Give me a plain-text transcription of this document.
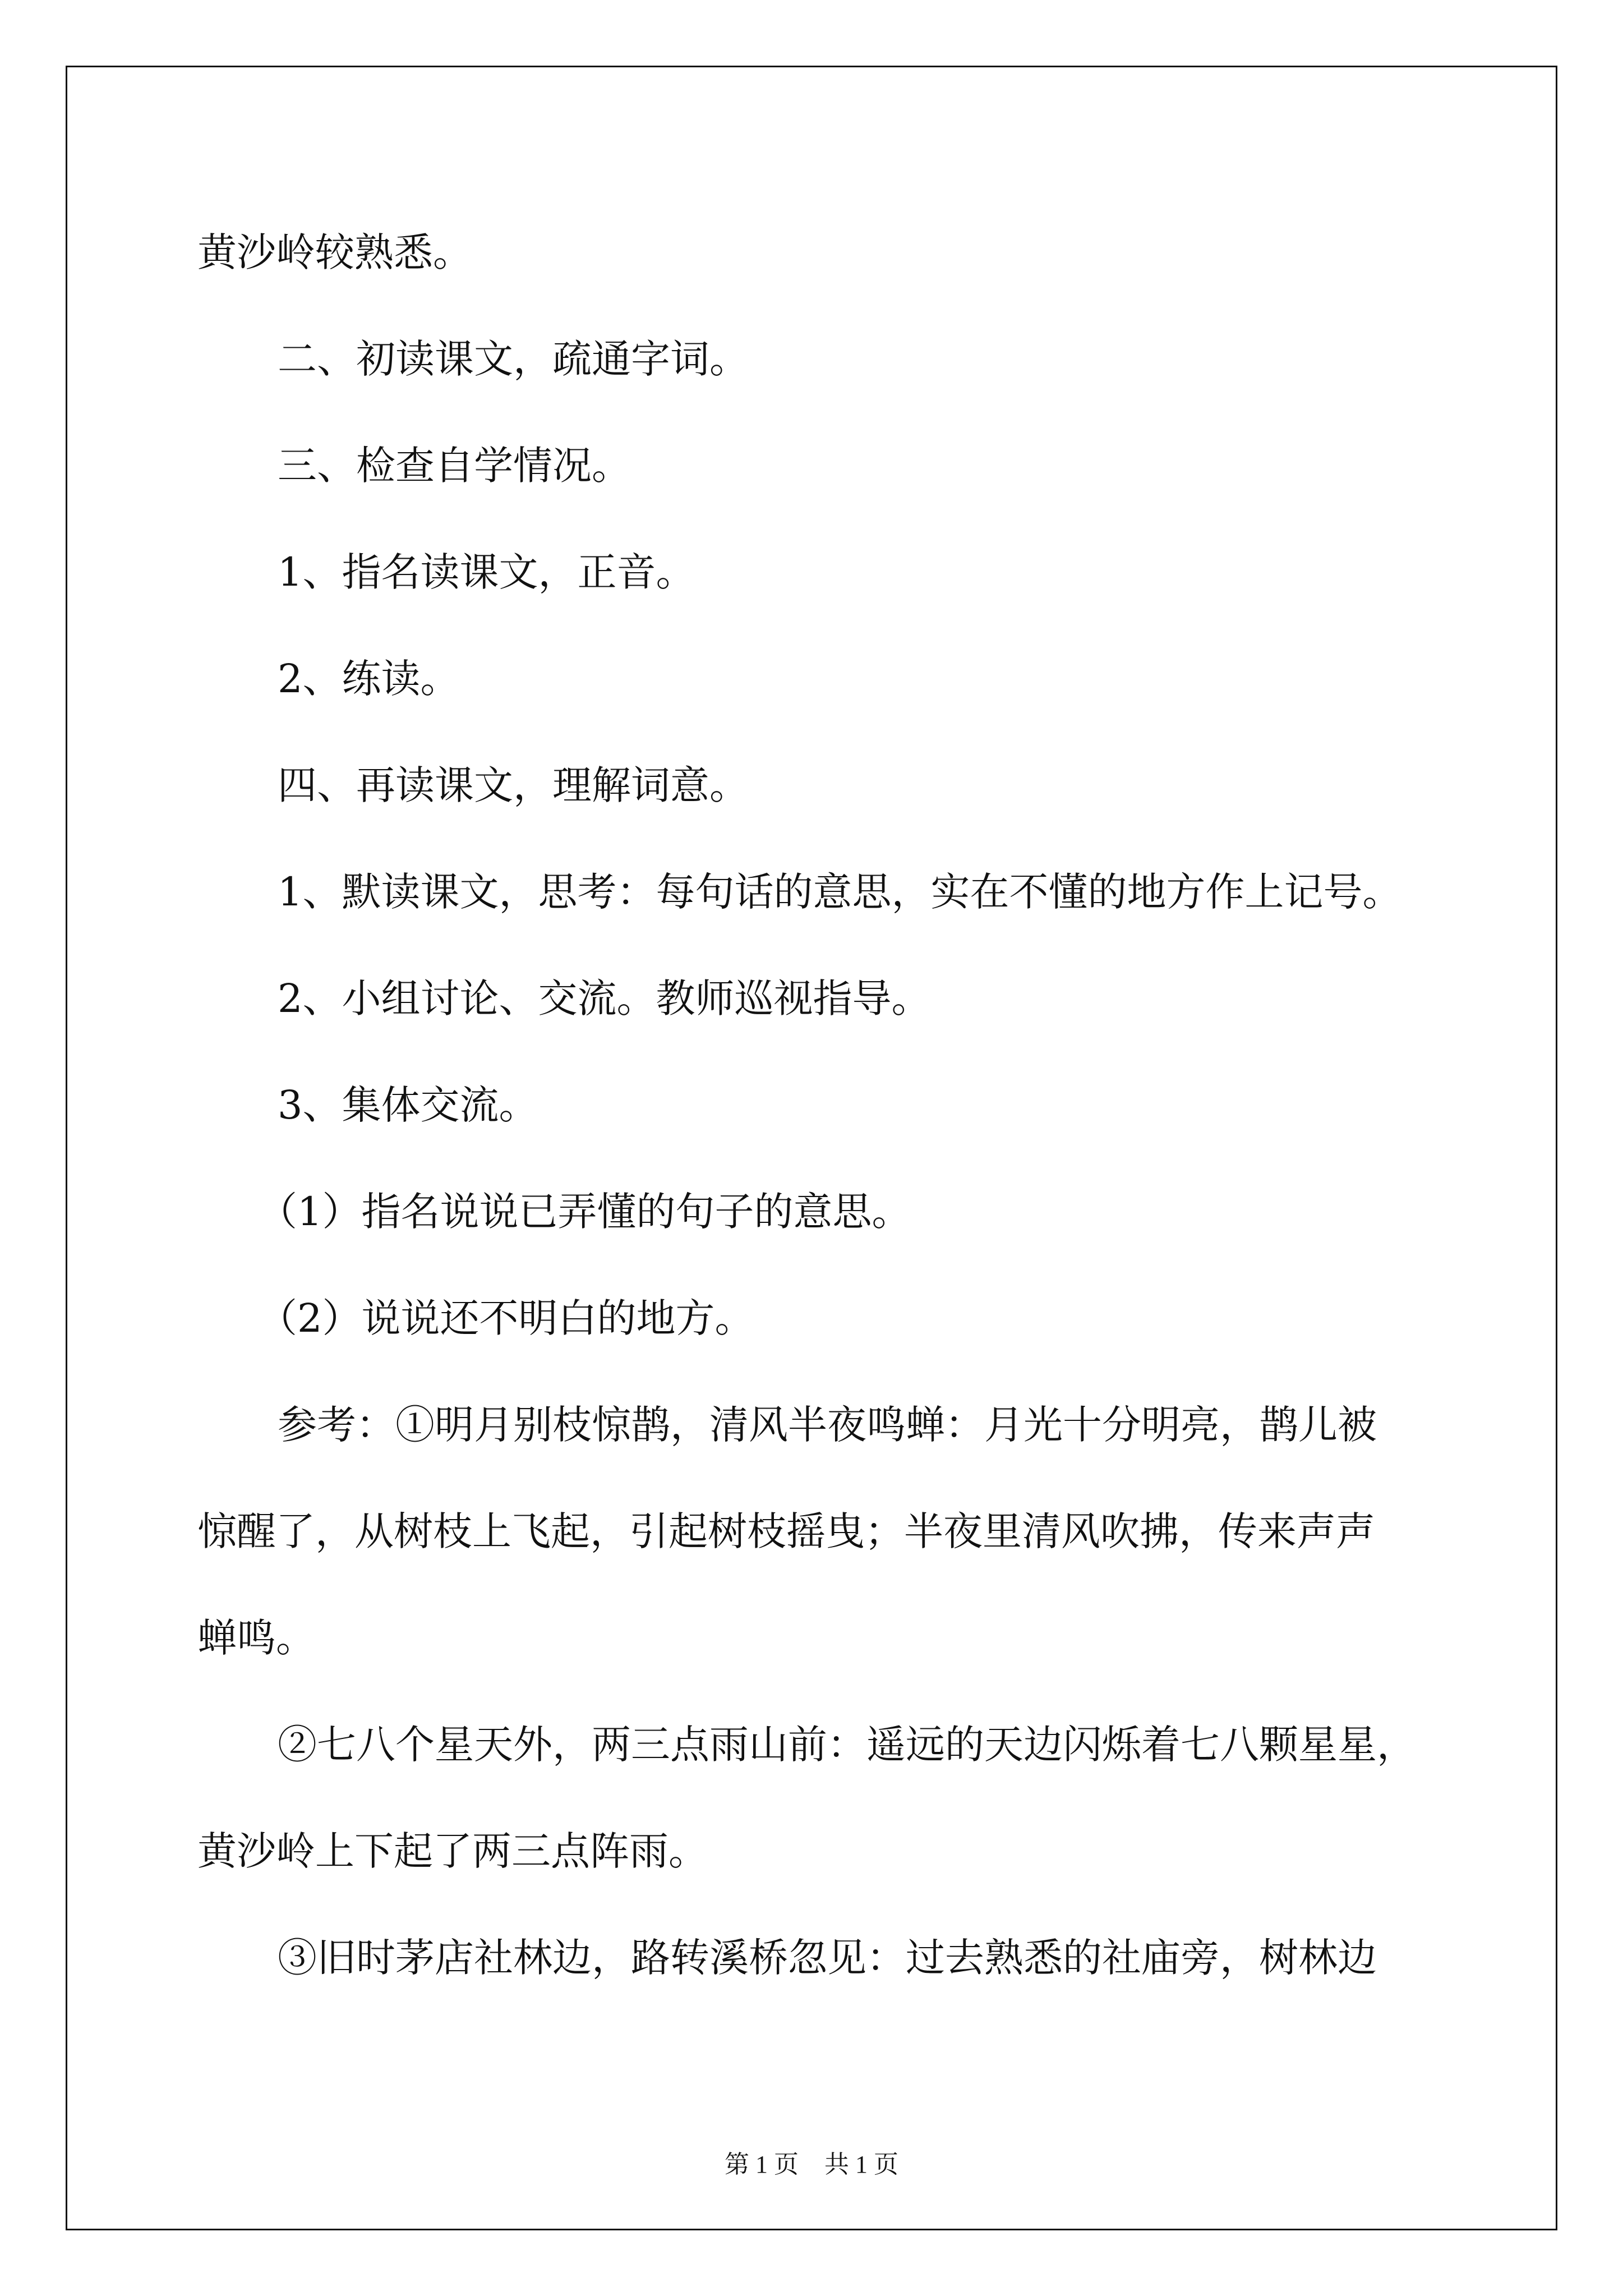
黄沙岭较熟悉。

二、初读课文，疏通字词。

三、检查自学情况。

1、指名读课文，正音。

2、练读。

四、再读课文，理解词意。

1、默读课文，思考：每句话的意思，实在不懂的地方作上记号。

2、小组讨论、交流。教师巡视指导。

3、集体交流。

（1）指名说说已弄懂的句子的意思。

（2）说说还不明白的地方。

参考：①明月别枝惊鹊，清风半夜鸣蝉：月光十分明亮，鹊儿被

惊醒了，从树枝上飞起，引起树枝摇曳；半夜里清风吹拂，传来声声

蝉鸣。

②七八个星天外，两三点雨山前：遥远的天边闪烁着七八颗星星，

黄沙岭上下起了两三点阵雨。

③旧时茅店社林边，路转溪桥忽见：过去熟悉的社庙旁，树林边

第 1 页 共 1 页
